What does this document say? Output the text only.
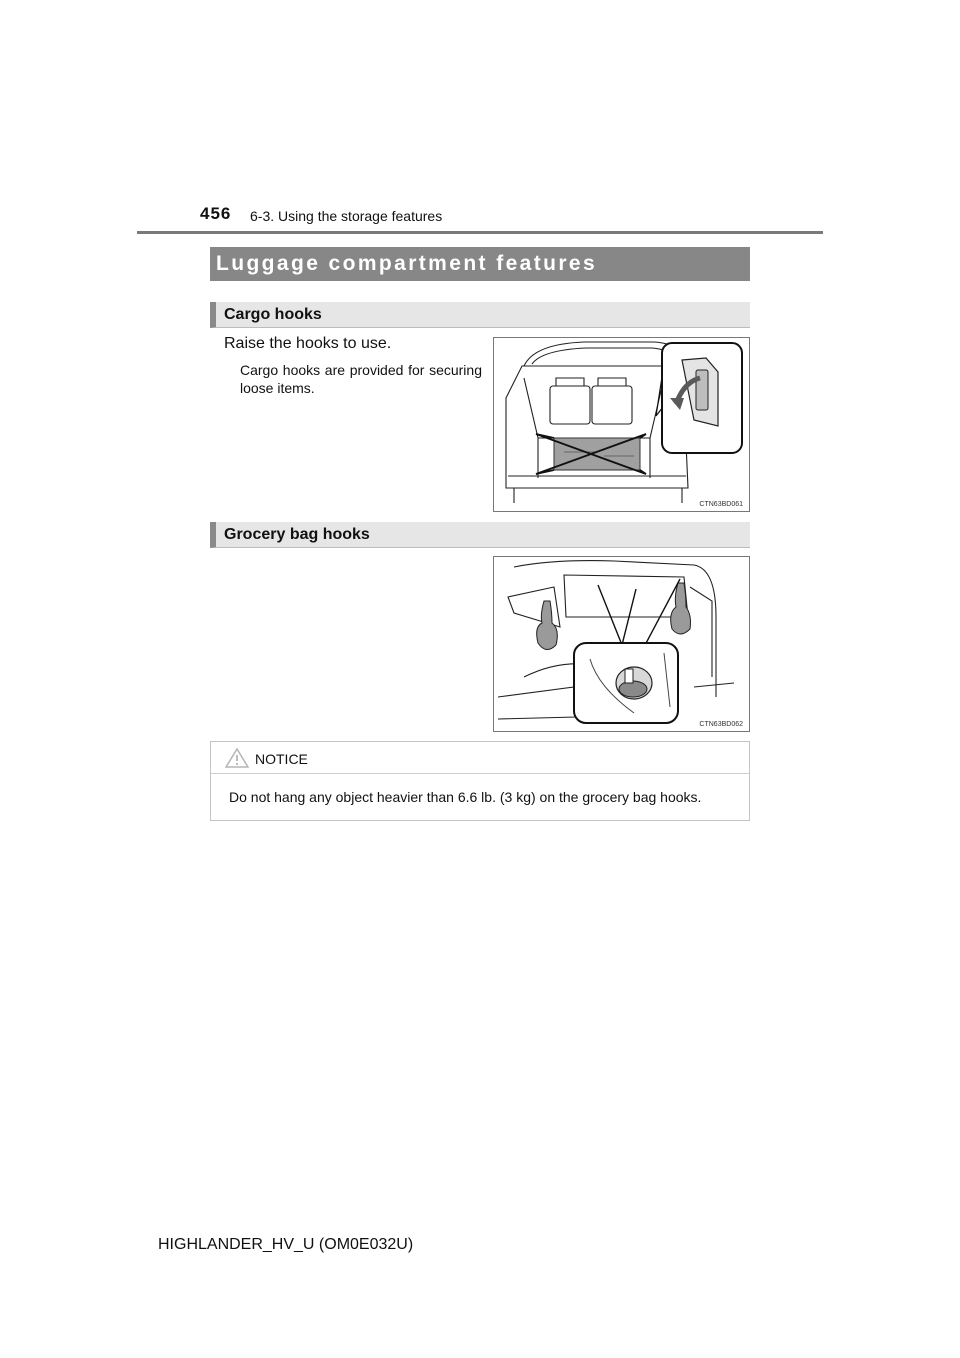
456 6-3. Using the storage features
Luggage compartment features
Cargo hooks
Raise the hooks to use.
Cargo hooks are provided for securing loose items.
CTN63BD061
Grocery bag hooks
CTN63BD062
NOTICE
Do not hang any object heavier than 6.6 lb. (3 kg) on the grocery bag hooks.
HIGHLANDER_HV_U (OM0E032U)
